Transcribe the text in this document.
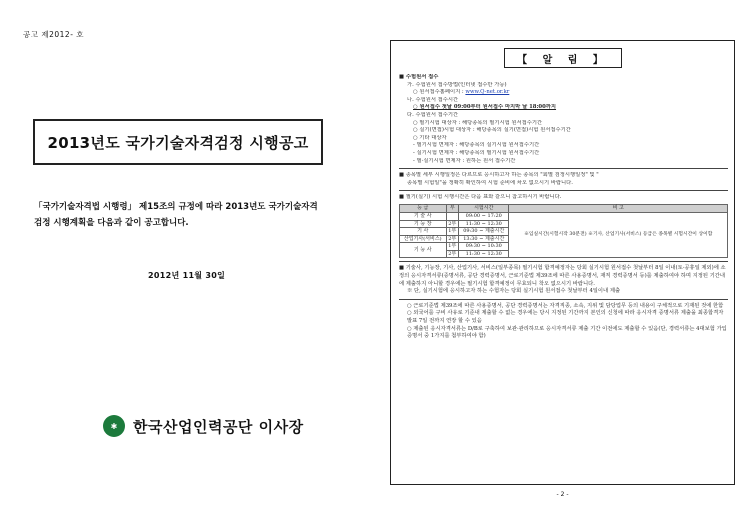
공고 제2012- 호
2013년도 국가기술자격검정 시행공고
「국가기술자격법 시행령」 제15조의 규정에 따라 2013년도 국가기술자격
검정 시행계획을 다음과 같이 공고합니다.
2012년 11월 30일
✱	한국산업인력공단 이사장
【 알 림 】
■ 수험원서 접수
가. 수험원서 접수방법(인터넷 접수만 가능)
○ 원서접수홈페이지 : www.Q-net.or.kr
나. 수험원서 접수시간
○ 원서접수 첫날 09:00부터 원서접수 마지막 날 18:00까지
다. 수험원서 접수기간
○ 필기시험 대상자 : 해당종목의 필기시험 원서접수기간
○ 실기(면접)시험 대상자 : 해당종목의 실기(면접)시험 원서접수기간
○ 기타 대상자
- 필기시험 면제자 : 해당종목의 실기시험 원서접수기간
- 실기시험 면제자 : 해당종목의 필기시험 원서접수기간
- 필·실기시험 면제자 : 원하는 원서 접수기간
■ 종목별 세부 시행일정은 다르므로 응시하고자 하는 종목의 "회별 검정시행일정" 및 "
종목별 시험일"을 정확히 확인하여 시험 준비에 차오 없으시기 바랍니다.
■ 필기(실기) 시험 시행시간은 다음 표와 같으니 참고하시기 바랍니다.
등 급	부	시험시간	비 고
기 술 사		09:00 ~ 17:20	※입실시간(시험시작 30분전) ※기사, 산업기사(서비스) 등급은 종목별 시험시간이 상이함
기 능 장	2부	11:30 ~ 12:30	
기 사	1부	09:30 ~ 제출시간	
산업기사(서비스)	2부	13:30 ~ 제출시간	
기 능 사	1부	09:30 ~ 10:30	
	2부	11:30 ~ 12:30	
■ 기술사, 기능장, 기사, 산업기사, 서비스(일부종목) 필기시험 합격예정자는 당회 실기시험 원서접수 첫날부터 8일 이내(토·공휴일 제외)에 소정의 응시자격서류(증명서류, 공단 경력증명서, 근로기준법 제39조에 따른 사용증명서, 재직 경력증명서 등)를 제출하여야 하며 지정된 기간내에 제출하지 아니할 경우에는 필기시험 합격예정이 무효되니 착오 없으시기 바랍니다.
※ 단, 실기시험에 응시하고자 하는 수험자는 당회 실기시험 원서접수 첫날부터 4일이내 제출
○ 근로기준법 제39조에 따른 사용증명서, 공단 경력증명서는 자격직종, 소속, 지위 및 담당업무 등의 내용이 구체적으로 기재된 것에 한함
○ 외국어를 구비 사유로 기준내 제출할 수 없는 경우에는 당시 지정된 기간까지 본인의 신청에 따라 응시자격 증명서류 제출을 최종합격자 발표 7일 전까지 연장 할 수 있음
○ 제출된 응시자격서류는 D/B로 구축하여 보관·관리하므로 응시자격서류 제출 기간 이전에도 제출할 수 있음(단, 경력서류는 4대보험 가입증명서 중 1가지를 첨부하여야 함)
- 2 -
